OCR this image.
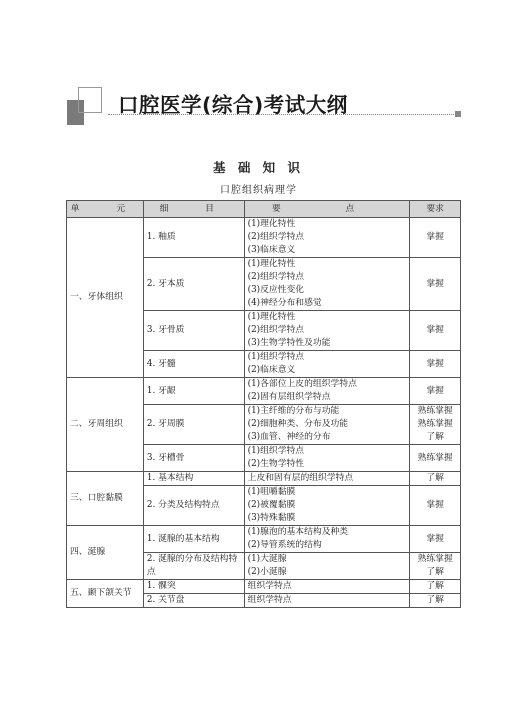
口腔医学(综合)考试大纲
基 础 知 识
口腔组织病理学
单　元	细　目	要　点	要求
一、牙体组织	1. 釉质	(1)理化特性
(2)组织学特点
(3)临床意义	掌握

	2. 牙本质	(1)理化特性
(2)组织学特点
(3)反应性变化
(4)神经分布和感觉	掌握

	3. 牙骨质	(1)理化特性
(2)组织学特点
(3)生物学特性及功能	掌握

	4. 牙髓	(1)组织学特点
(2)临床意义	掌握

二、牙周组织	1. 牙龈	(1)各部位上皮的组织学特点
(2)固有层组织学特点	掌握

	2. 牙周膜	(1)主纤维的分布与功能
(2)细胞种类、分布及功能
(3)血管、神经的分布	熟练掌握
熟练掌握
了解

	3. 牙槽骨	(1)组织学特点
(2)生物学特性	熟练掌握

三、口腔黏膜	1. 基本结构	上皮和固有层的组织学特点	了解

	2. 分类及结构特点	(1)咀嚼黏膜
(2)被覆黏膜
(3)特殊黏膜	掌握

四、涎腺	1. 涎腺的基本结构	(1)腺泡的基本结构及种类
(2)导管系统的结构	掌握

	2. 涎腺的分布及结构特点	(1)大涎腺
(2)小涎腺	熟练掌握
了解

五、颞下颌关节	1. 髁突	组织学特点	了解

	2. 关节盘	组织学特点	了解
